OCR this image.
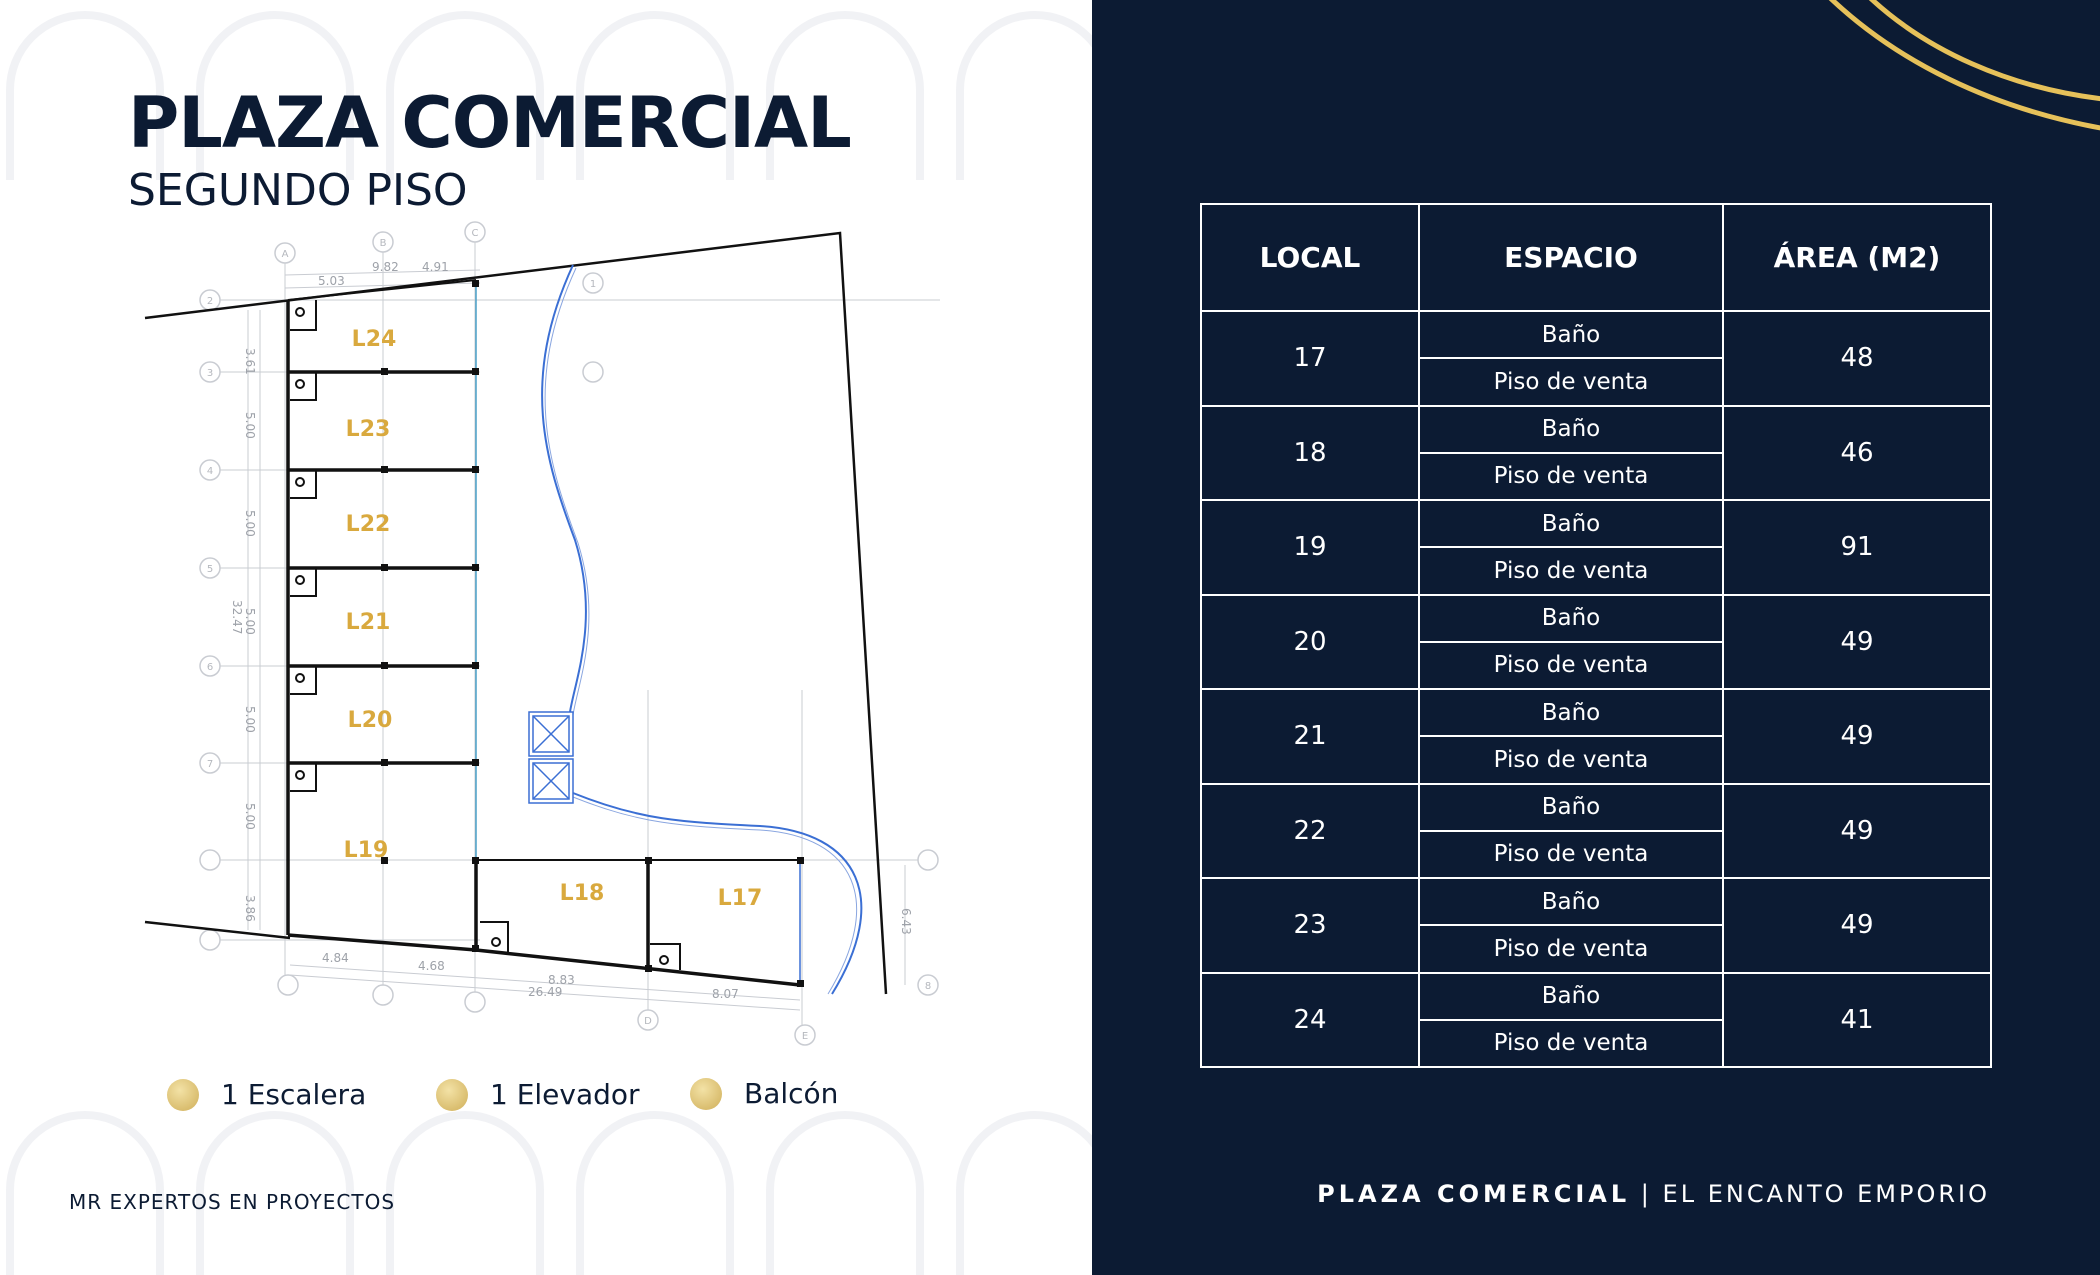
PLAZA COMERCIAL
SEGUNDO PISO
A
B
C
D
E
1
2
3
4
5
6
7
8
5.03
9.82 4.91
3.61
5.00
5.00
5.00
5.00
5.00
3.86
32.47
4.84
4.68
8.83
26.49	8.07
6.43
L24
L23
L22
L21
L20
L19
L18	L17
1 Escalera	1 Elevador	Balcón
MR EXPERTOS EN PROYECTOS
LOCAL	ESPACIO	ÁREA (M2)
17	Baño	48
	Piso de venta	
18	Baño	46
	Piso de venta	
19	Baño	91
	Piso de venta	
20	Baño	49
	Piso de venta	
21	Baño	49
	Piso de venta	
22	Baño	49
	Piso de venta	
23	Baño	49
	Piso de venta	
24	Baño	41
	Piso de venta	
PLAZA COMERCIAL | EL ENCANTO EMPORIO
